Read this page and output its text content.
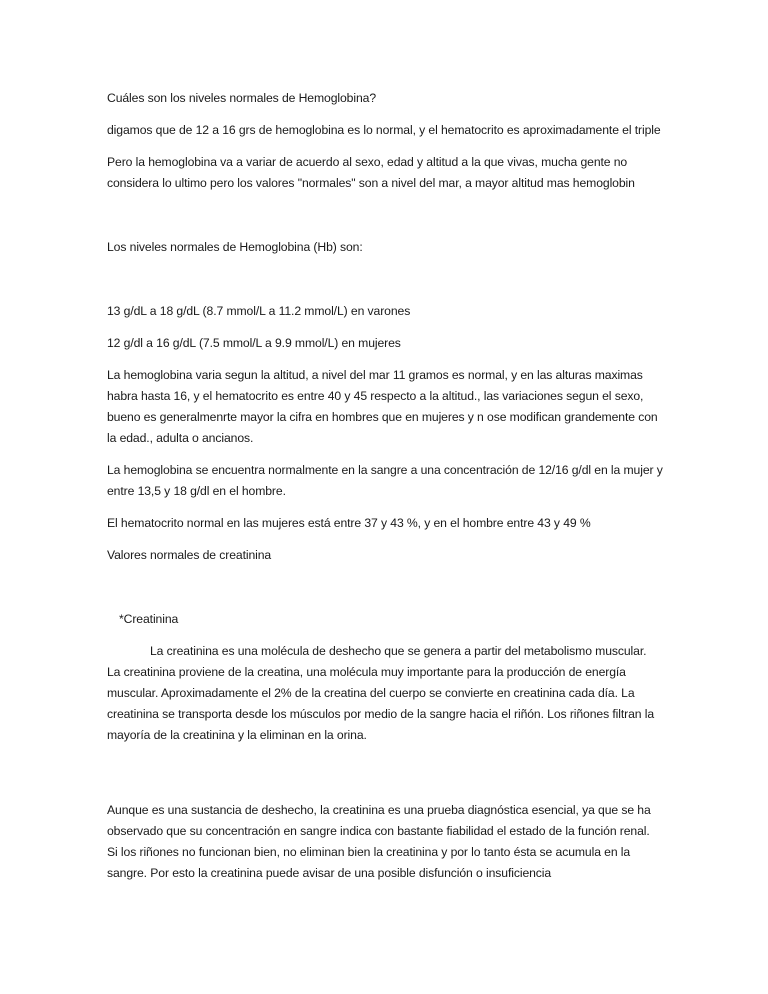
Cuáles son los niveles normales de Hemoglobina?

digamos que de 12 a 16 grs de hemoglobina es lo normal, y el hematocrito es aproximadamente el triple

Pero la hemoglobina va a variar de acuerdo al sexo, edad y altitud a la que vivas, mucha gente no considera lo ultimo pero los valores "normales" son a nivel del mar, a mayor altitud mas hemoglobin

Los niveles normales de Hemoglobina (Hb) son:

13 g/dL a 18 g/dL (8.7 mmol/L a 11.2 mmol/L) en varones

12 g/dl a 16 g/dL (7.5 mmol/L a 9.9 mmol/L) en mujeres

La hemoglobina varia segun la altitud, a nivel del mar 11 gramos es normal, y en las alturas maximas habra hasta 16, y el hematocrito es entre 40 y 45 respecto a la altitud., las variaciones segun el sexo, bueno es generalmenrte mayor la cifra en hombres que en mujeres y n ose modifican grandemente con la edad., adulta o ancianos.

La hemoglobina se encuentra normalmente en la sangre a una concentración de 12/16 g/dl en la mujer y entre 13,5 y 18 g/dl en el hombre.

El hematocrito normal en las mujeres está entre 37 y 43 %, y en el hombre entre 43 y 49 %

Valores normales de creatinina

*Creatinina

La creatinina es una molécula de deshecho que se genera a partir del metabolismo muscular. La creatinina proviene de la creatina, una molécula muy importante para la producción de energía muscular. Aproximadamente el 2% de la creatina del cuerpo se convierte en creatinina cada día. La creatinina se transporta desde los músculos por medio de la sangre hacia el riñón. Los riñones filtran la mayoría de la creatinina y la eliminan en la orina.

Aunque es una sustancia de deshecho, la creatinina es una prueba diagnóstica esencial, ya que se ha observado que su concentración en sangre indica con bastante fiabilidad el estado de la función renal. Si los riñones no funcionan bien, no eliminan bien la creatinina y por lo tanto ésta se acumula en la sangre. Por esto la creatinina puede avisar de una posible disfunción o insuficiencia
